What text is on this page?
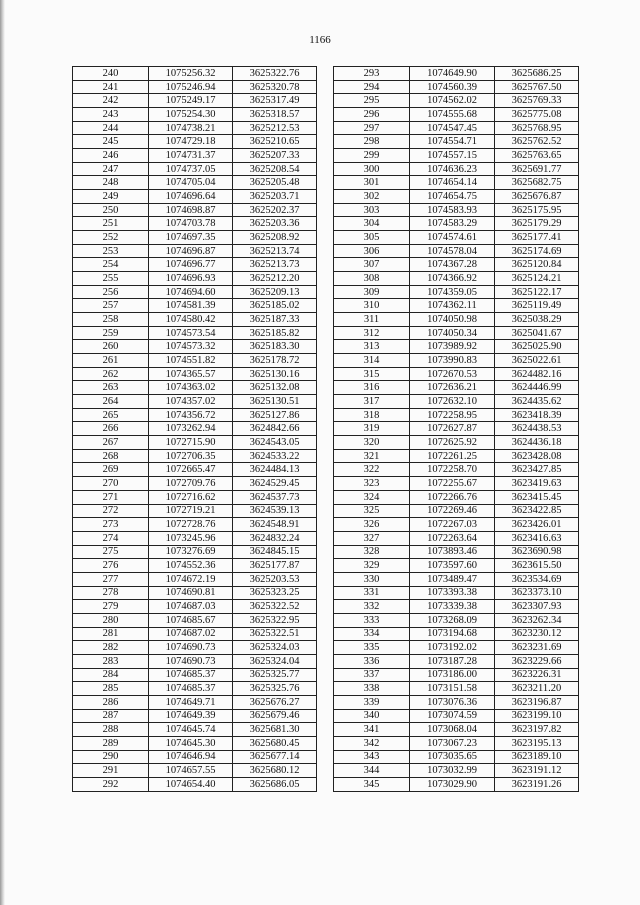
1166
240	1075256.32	3625322.76
241	1075246.94	3625320.78
242	1075249.17	3625317.49
243	1075254.30	3625318.57
244	1074738.21	3625212.53
245	1074729.18	3625210.65
246	1074731.37	3625207.33
247	1074737.05	3625208.54
248	1074705.04	3625205.48
249	1074696.64	3625203.71
250	1074698.87	3625202.37
251	1074703.78	3625203.36
252	1074697.35	3625208.92
253	1074696.87	3625213.74
254	1074696.77	3625213.73
255	1074696.93	3625212.20
256	1074694.60	3625209.13
257	1074581.39	3625185.02
258	1074580.42	3625187.33
259	1074573.54	3625185.82
260	1074573.32	3625183.30
261	1074551.82	3625178.72
262	1074365.57	3625130.16
263	1074363.02	3625132.08
264	1074357.02	3625130.51
265	1074356.72	3625127.86
266	1073262.94	3624842.66
267	1072715.90	3624543.05
268	1072706.35	3624533.22
269	1072665.47	3624484.13
270	1072709.76	3624529.45
271	1072716.62	3624537.73
272	1072719.21	3624539.13
273	1072728.76	3624548.91
274	1073245.96	3624832.24
275	1073276.69	3624845.15
276	1074552.36	3625177.87
277	1074672.19	3625203.53
278	1074690.81	3625323.25
279	1074687.03	3625322.52
280	1074685.67	3625322.95
281	1074687.02	3625322.51
282	1074690.73	3625324.03
283	1074690.73	3625324.04
284	1074685.37	3625325.77
285	1074685.37	3625325.76
286	1074649.71	3625676.27
287	1074649.39	3625679.46
288	1074645.74	3625681.30
289	1074645.30	3625680.45
290	1074646.94	3625677.14
291	1074657.55	3625680.12
292	1074654.40	3625686.05
293	1074649.90	3625686.25
294	1074560.39	3625767.50
295	1074562.02	3625769.33
296	1074555.68	3625775.08
297	1074547.45	3625768.95
298	1074554.71	3625762.52
299	1074557.15	3625763.65
300	1074636.23	3625691.77
301	1074654.14	3625682.75
302	1074654.75	3625676.87
303	1074583.93	3625175.95
304	1074583.29	3625179.29
305	1074574.61	3625177.41
306	1074578.04	3625174.69
307	1074367.28	3625120.84
308	1074366.92	3625124.21
309	1074359.05	3625122.17
310	1074362.11	3625119.49
311	1074050.98	3625038.29
312	1074050.34	3625041.67
313	1073989.92	3625025.90
314	1073990.83	3625022.61
315	1072670.53	3624482.16
316	1072636.21	3624446.99
317	1072632.10	3624435.62
318	1072258.95	3623418.39
319	1072627.87	3624438.53
320	1072625.92	3624436.18
321	1072261.25	3623428.08
322	1072258.70	3623427.85
323	1072255.67	3623419.63
324	1072266.76	3623415.45
325	1072269.46	3623422.85
326	1072267.03	3623426.01
327	1072263.64	3623416.63
328	1073893.46	3623690.98
329	1073597.60	3623615.50
330	1073489.47	3623534.69
331	1073393.38	3623373.10
332	1073339.38	3623307.93
333	1073268.09	3623262.34
334	1073194.68	3623230.12
335	1073192.02	3623231.69
336	1073187.28	3623229.66
337	1073186.00	3623226.31
338	1073151.58	3623211.20
339	1073076.36	3623196.87
340	1073074.59	3623199.10
341	1073068.04	3623197.82
342	1073067.23	3623195.13
343	1073035.65	3623189.10
344	1073032.99	3623191.12
345	1073029.90	3623191.26
